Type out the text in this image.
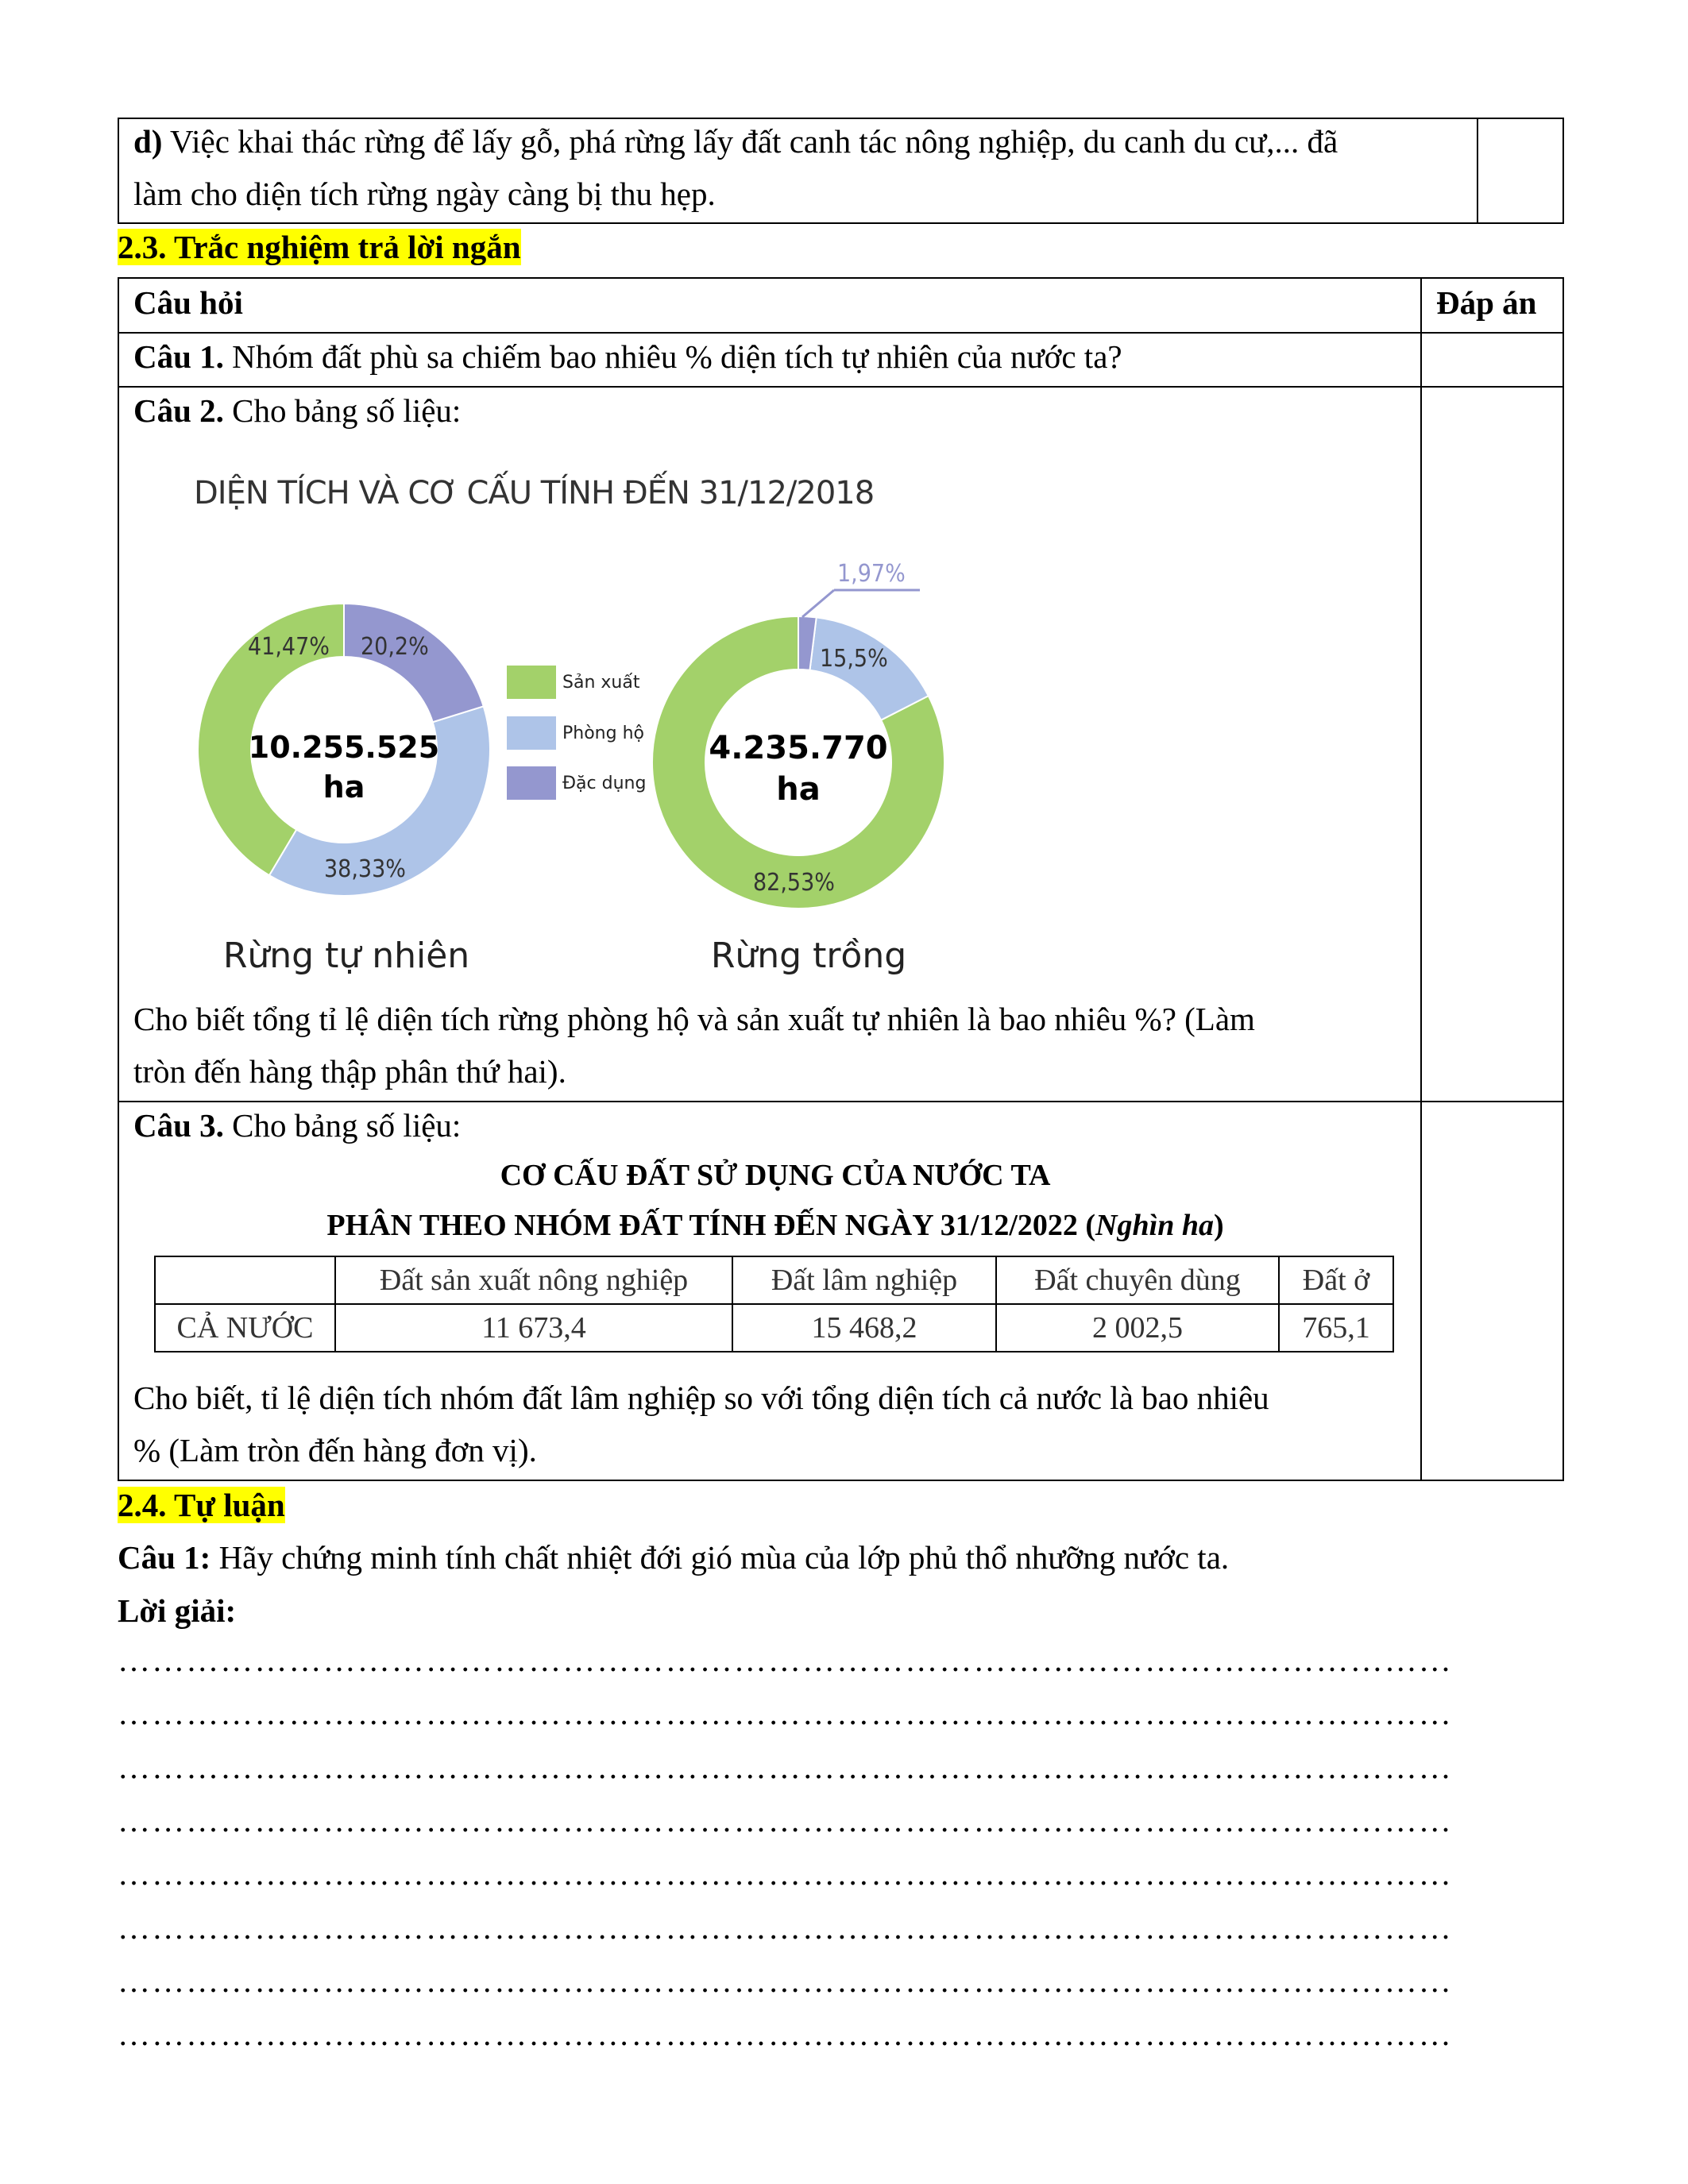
d) Việc khai thác rừng để lấy gỗ, phá rừng lấy đất canh tác nông nghiệp, du canh du cư,... đã
làm cho diện tích rừng ngày càng bị thu hẹp.
2.3. Trắc nghiệm trả lời ngắn
Câu hỏi	Đáp án
Câu 1. Nhóm đất phù sa chiếm bao nhiêu % diện tích tự nhiên của nước ta?
Câu 2. Cho bảng số liệu:
DIỆN TÍCH VÀ CƠ CẤU TÍNH ĐẾN 31/12/2018
10.255.525
ha
4.235.770
ha
41,47% 20,2%
38,33%
1,97%
15,5%
82,53%
Sản xuất
Phòng hộ
Đặc dụng
Rừng tự nhiên	Rừng trồng
Cho biết tổng tỉ lệ diện tích rừng phòng hộ và sản xuất tự nhiên là bao nhiêu %? (Làm
tròn đến hàng thập phân thứ hai).
Câu 3. Cho bảng số liệu:
CƠ CẤU ĐẤT SỬ DỤNG CỦA NƯỚC TA
PHÂN THEO NHÓM ĐẤT TÍNH ĐẾN NGÀY 31/12/2022 (Nghìn ha)
	Đất sản xuất nông nghiệp	Đất lâm nghiệp	Đất chuyên dùng	Đất ở
CẢ NƯỚC	11 673,4	15 468,2	2 002,5	765,1
Cho biết, tỉ lệ diện tích nhóm đất lâm nghiệp so với tổng diện tích cả nước là bao nhiêu
% (Làm tròn đến hàng đơn vị).
2.4. Tự luận
Câu 1: Hãy chứng minh tính chất nhiệt đới gió mùa của lớp phủ thổ nhưỡng nước ta.
Lời giải:
………………………………………………………………………………………………………
………………………………………………………………………………………………………
………………………………………………………………………………………………………
………………………………………………………………………………………………………
………………………………………………………………………………………………………
………………………………………………………………………………………………………
………………………………………………………………………………………………………
………………………………………………………………………………………………………
